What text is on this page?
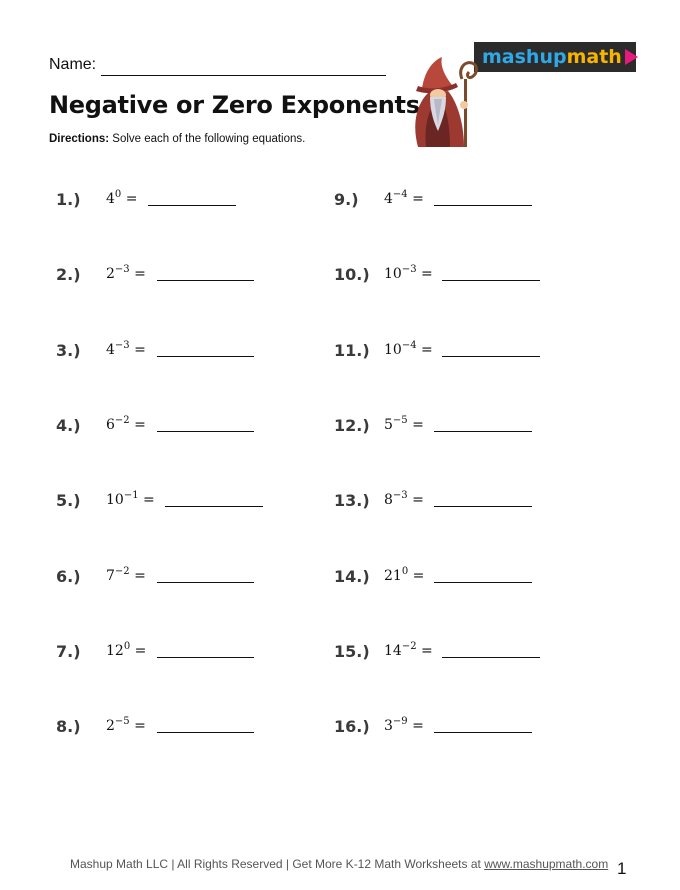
Name:
Negative or Zero Exponents
Directions: Solve each of the following equations.
mashup math
1.) $4^0$ =
2.) $2^{-3}$ =
3.) $4^{-3}$ =
4.) $6^{-2}$ =
5.) $10^{-1}$ =
6.) $7^{-2}$ =
7.) $12^0$ =
8.) $2^{-5}$ =
9.) $4^{-4}$ =
10.) $10^{-3}$ =
11.) $10^{-4}$ =
12.) $5^{-5}$ =
13.) $8^{-3}$ =
14.) $21^0$ =
15.) $14^{-2}$ =
16.) $3^{-9}$ =
Mashup Math LLC | All Rights Reserved | Get More K-12 Math Worksheets at www.mashupmath.com 1
